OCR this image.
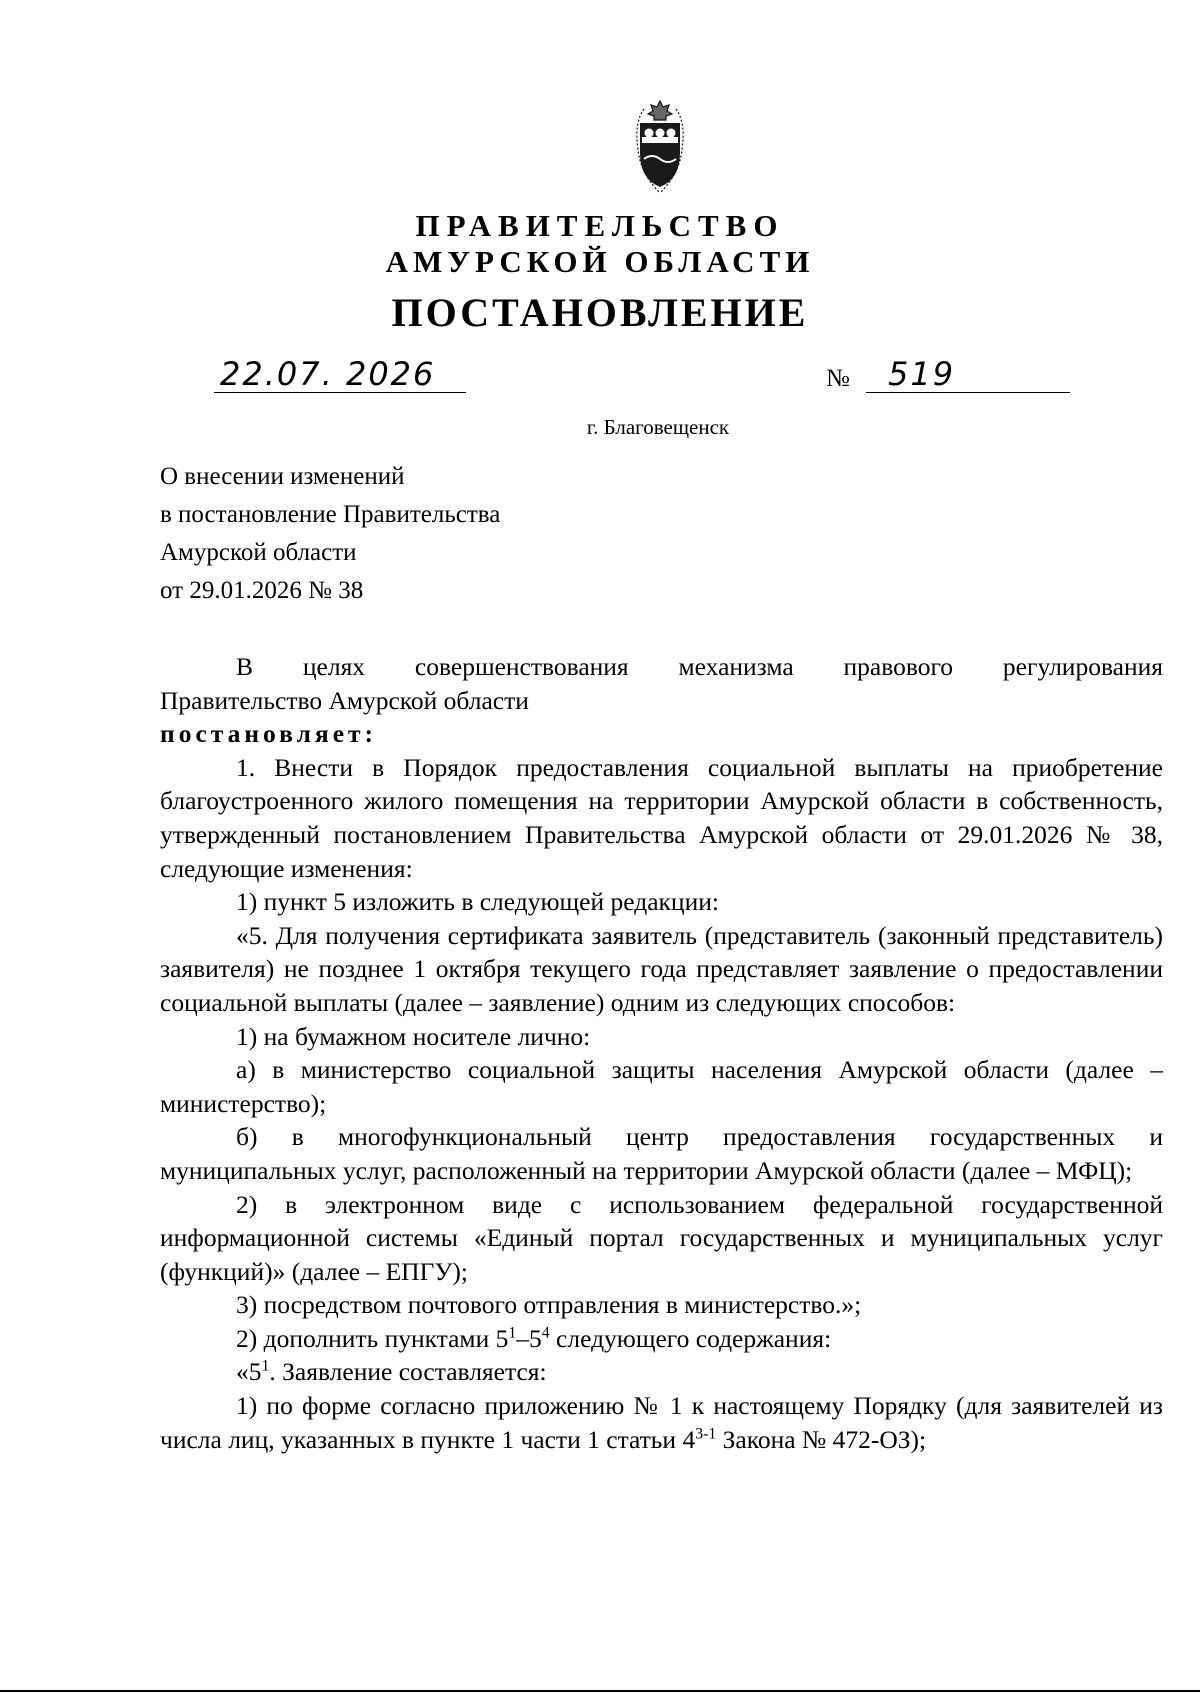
ПРАВИТЕЛЬСТВО
АМУРСКОЙ ОБЛАСТИ
ПОСТАНОВЛЕНИЕ
22.07. 2026	№ 519
г. Благовещенск
О внесении изменений
в постановление Правительства
Амурской области
от 29.01.2026 № 38

В целях совершенствования механизма правового регулирования

Правительство Амурской области

постановляет:

1. Внести в Порядок предоставления социальной выплаты на приобретение благоустроенного жилого помещения на территории Амурской области в собственность, утвержденный постановлением Правительства Амурской области от 29.01.2026 № 38, следующие изменения:

1) пункт 5 изложить в следующей редакции:

«5. Для получения сертификата заявитель (представитель (законный представитель) заявителя) не позднее 1 октября текущего года представляет заявление о предоставлении социальной выплаты (далее – заявление) одним из следующих способов:

1) на бумажном носителе лично:

а) в министерство социальной защиты населения Амурской области (далее – министерство);

б) в многофункциональный центр предоставления государственных и муниципальных услуг, расположенный на территории Амурской области (далее – МФЦ);

2) в электронном виде с использованием федеральной государственной информационной системы «Единый портал государственных и муниципальных услуг (функций)» (далее – ЕПГУ);

3) посредством почтового отправления в министерство.»;

2) дополнить пунктами $5^1-5^4$ следующего содержания:

«$5^1$. Заявление составляется:

1) по форме согласно приложению № 1 к настоящему Порядку (для заявителей из числа лиц, указанных в пункте 1 части 1 статьи 4$^{3-1}$ Закона № 472-ОЗ);
